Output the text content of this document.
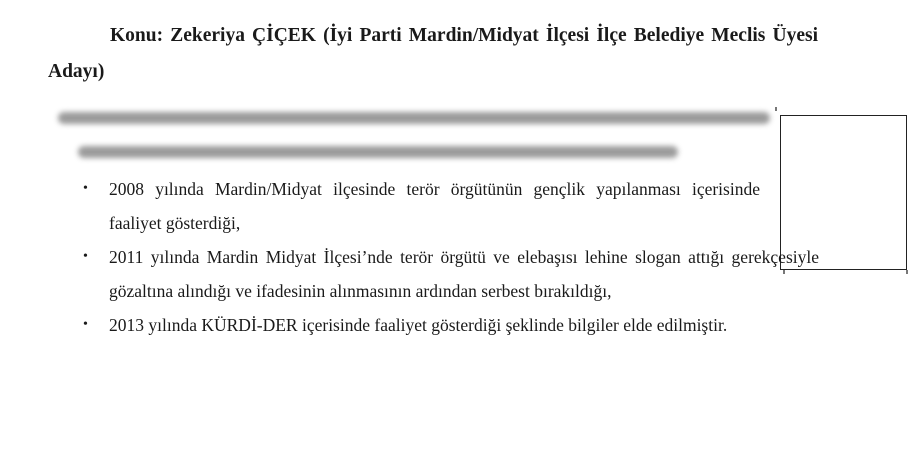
Konu: Zekeriya ÇİÇEK (İyi Parti Mardin/Midyat İlçesi İlçe Belediye Meclis Üyesi Adayı)
• 2008 yılında Mardin/Midyat ilçesinde terör örgütünün gençlik yapılanması içerisinde faaliyet gösterdiği,
• 2011 yılında Mardin Midyat İlçesi’nde terör örgütü ve elebaşısı lehine slogan attığı gerekçesiyle gözaltına alındığı ve ifadesinin alınmasının ardından serbest bırakıldığı,
• 2013 yılında KÜRDİ-DER içerisinde faaliyet gösterdiği şeklinde bilgiler elde edilmiştir.
